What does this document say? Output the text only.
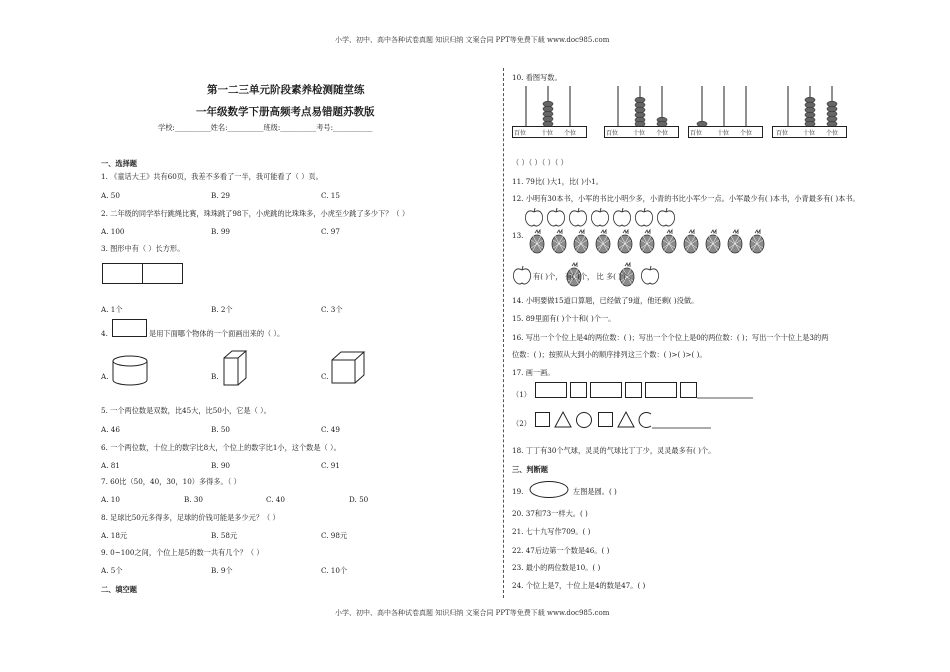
小学、初中、高中各种试卷真题 知识归纳 文案合同 PPT等免费下载 www.doc985.com
小学、初中、高中各种试卷真题 知识归纳 文案合同 PPT等免费下载 www.doc985.com
第一二三单元阶段素养检测随堂练
一年级数学下册高频考点易错题苏教版
学校:__________姓名:__________班级:__________考号:___________
一、选择题
1. 《童话大王》共有60页，我差不多看了一半，我可能看了（ ）页。
A. 50	B. 29	C. 15
2. 二年级的同学举行跳绳比赛，珠珠跳了98下，小虎跳的比珠珠多，小虎至少跳了多少下？（ ）
A. 100	B. 99	C. 97
3. 图形中有（ ）长方形。
A. 1个	B. 2个	C. 3个
4.	是用下面哪个物体的一个面画出来的（ ）。
A.	B.	C.
5. 一个两位数是双数，比45大，比50小，它是（ ）。
A. 46	B. 50	C. 49
6. 一个两位数，十位上的数字比8大，个位上的数字比1小，这个数是（ ）。
A. 81	B. 90	C. 91
7. 60比（50，40，30，10）多得多。（ ）
A. 10	B. 30	C. 40	D. 50
8. 足球比50元多得多，足球的价钱可能是多少元？（ ）
A. 18元	B. 58元	C. 98元
9. 0~100之间，个位上是5的数一共有几个？（ ）
A. 5个	B. 9个	C. 10个
二、填空题
10. 看图写数。
百位 十位 个位	百位 十位 个位	百位 十位 个位	百位 十位 个位
（ ）（ ）（ ）（ ）
11. 79比( )大1，比( )小1。
12. 小明有30本书，小军的书比小明少多，小青的书比小军少一点。小军最少有( )本书，小青最多有( )本书。
13.
有( )个， 有( )个， 比 多( )个。
14. 小明要做15道口算题，已经做了9道，他还剩( )没做。
15. 89里面有( )个十和( )个一。
16. 写出一个个位上是4的两位数：( )；写出一个个位上是0的两位数：( )；写出一个十位上是3的两
位数：( )；按照从大到小的顺序排列这三个数：( )>( )>( )。
17. 画一画。
（1）
（2）
18. 丁丁有30个气球，灵灵的气球比丁丁少，灵灵最多有( )个。
三、判断题
19.	左图是圆。( )
20. 37和73一样大。( )
21. 七十九写作709。( )
22. 47后边第一个数是46。( )
23. 最小的两位数是10。( )
24. 个位上是7，十位上是4的数是47。( )
